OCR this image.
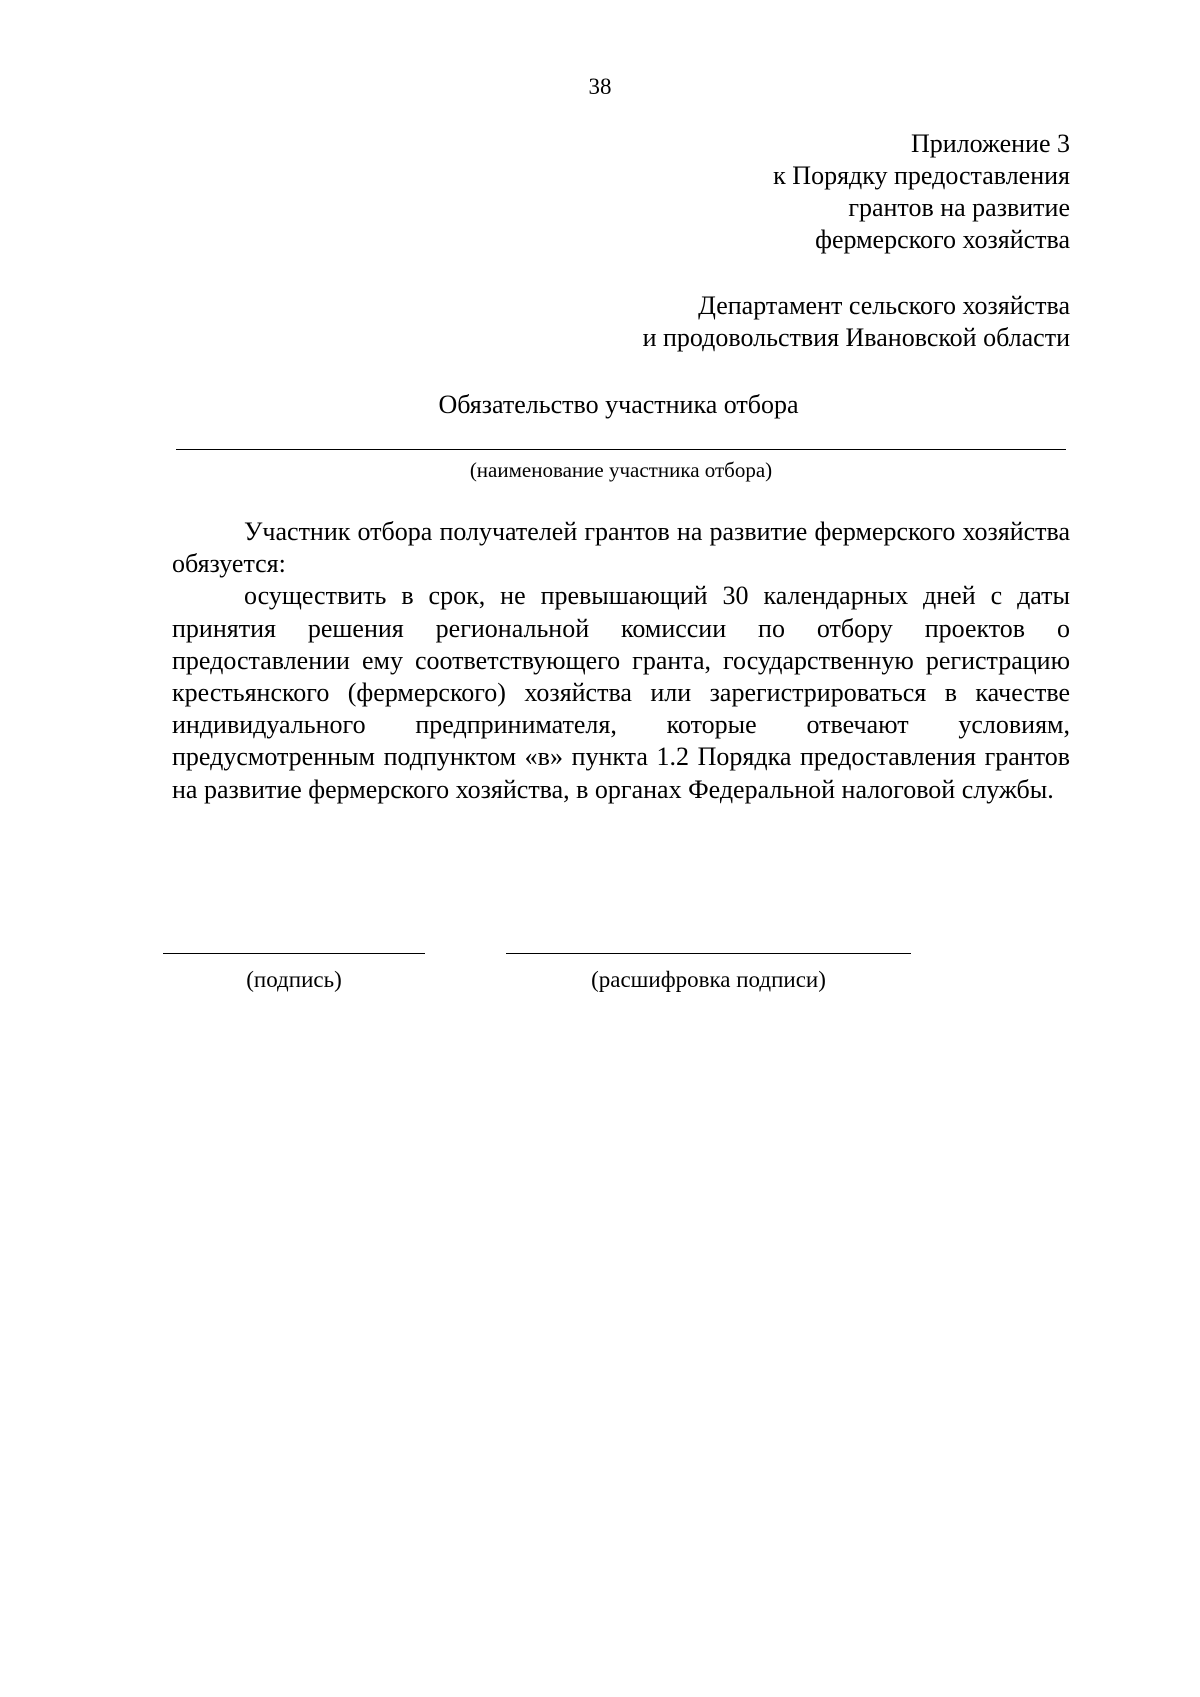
38
Приложение 3
к Порядку предоставления
грантов на развитие
фермерского хозяйства
Департамент сельского хозяйства
и продовольствия Ивановской области
Обязательство участника отбора
(наименование участника отбора)

Участник отбора получателей грантов на развитие фермерского хозяйства обязуется:

осуществить в срок, не превышающий 30 календарных дней с даты принятия решения региональной комиссии по отбору проектов о предоставлении ему соответствующего гранта, государственную регистрацию крестьянского (фермерского) хозяйства или зарегистрироваться в качестве индивидуального предпринимателя, которые отвечают условиям, предусмотренным подпунктом «в» пункта 1.2 Порядка предоставления грантов на развитие фермерского хозяйства, в органах Федеральной налоговой службы.

(подпись)	(расшифровка подписи)
